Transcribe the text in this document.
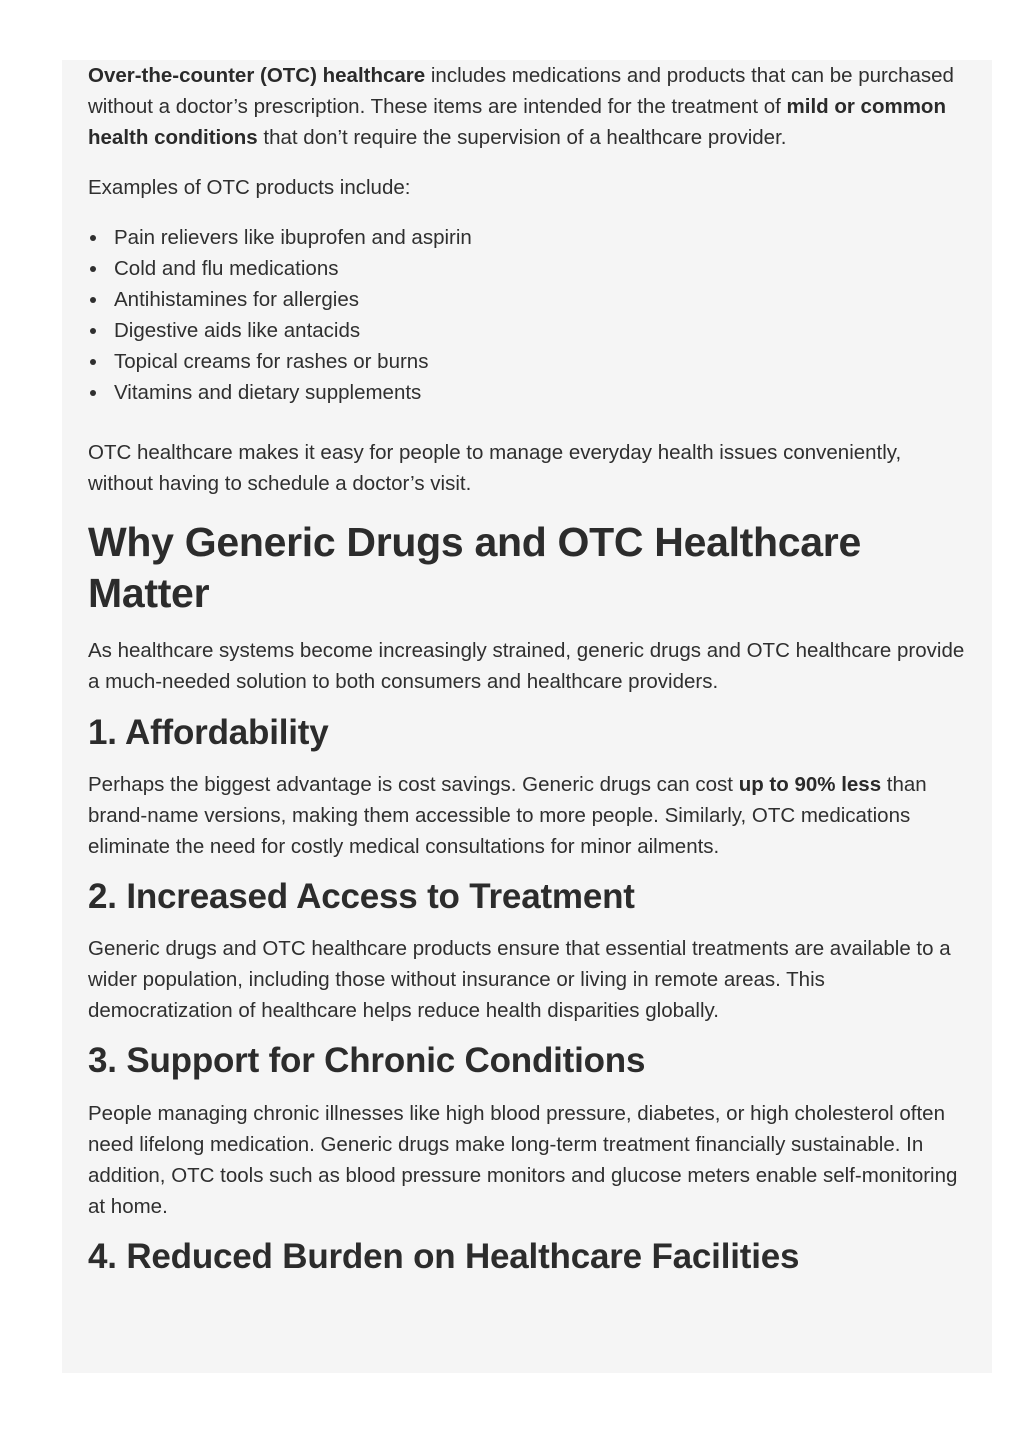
Over-the-counter (OTC) healthcare includes medications and products that can be purchased without a doctor’s prescription. These items are intended for the treatment of mild or common health conditions that don’t require the supervision of a healthcare provider.

Examples of OTC products include:

Pain relievers like ibuprofen and aspirin
Cold and flu medications
Antihistamines for allergies
Digestive aids like antacids
Topical creams for rashes or burns
Vitamins and dietary supplements

OTC healthcare makes it easy for people to manage everyday health issues conveniently, without having to schedule a doctor’s visit.

Why Generic Drugs and OTC Healthcare Matter

As healthcare systems become increasingly strained, generic drugs and OTC healthcare provide a much-needed solution to both consumers and healthcare providers.

1. Affordability

Perhaps the biggest advantage is cost savings. Generic drugs can cost up to 90% less than brand-name versions, making them accessible to more people. Similarly, OTC medications eliminate the need for costly medical consultations for minor ailments.

2. Increased Access to Treatment

Generic drugs and OTC healthcare products ensure that essential treatments are available to a wider population, including those without insurance or living in remote areas. This democratization of healthcare helps reduce health disparities globally.

3. Support for Chronic Conditions

People managing chronic illnesses like high blood pressure, diabetes, or high cholesterol often need lifelong medication. Generic drugs make long-term treatment financially sustainable. In addition, OTC tools such as blood pressure monitors and glucose meters enable self-monitoring at home.

4. Reduced Burden on Healthcare Facilities
